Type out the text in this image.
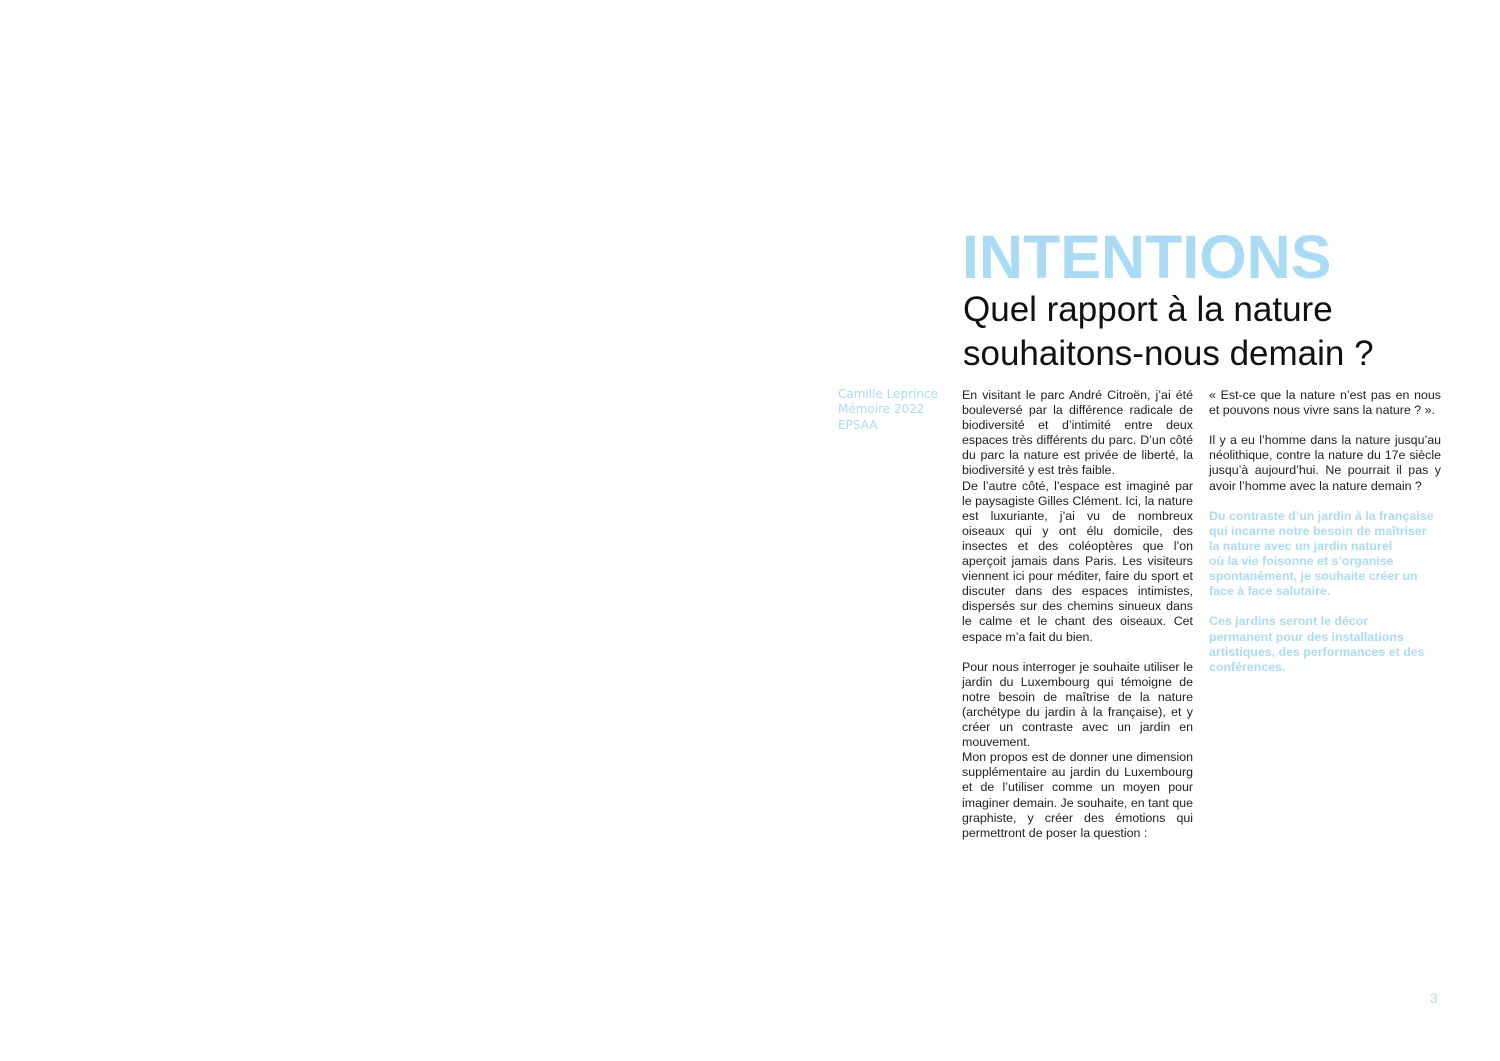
INTENTIONS
Quel rapport à la nature
souhaitons-nous demain ?
Camille Leprince
Mémoire 2022
EPSAA

En visitant le parc André Citroën, j’ai été bouleversé par la différence radicale de biodiversité et d’intimité entre deux espaces très différents du parc. D’un côté du parc la nature est privée de liberté, la biodiversité y est très faible.

De l’autre côté, l’espace est imaginé par le paysagiste Gilles Clément. Ici, la nature est luxuriante, j’ai vu de nombreux oiseaux qui y ont élu domicile, des insectes et des coléoptères que l’on aperçoit jamais dans Paris. Les visiteurs viennent ici pour méditer, faire du sport et discuter dans des espaces intimistes, dispersés sur des chemins sinueux dans le calme et le chant des oiseaux. Cet espace m’a fait du bien.

Pour nous interroger je souhaite utiliser le jardin du Luxembourg qui témoigne de notre besoin de maîtrise de la nature (archétype du jardin à la française), et y créer un contraste avec un jardin en mouvement.

Mon propos est de donner une dimension supplémentaire au jardin du Luxembourg et de l’utiliser comme un moyen pour imaginer demain. Je souhaite, en tant que graphiste, y créer des émotions qui permettront de poser la question :

« Est-ce que la nature n’est pas en nous et pouvons nous vivre sans la nature ? ».

Il y a eu l’homme dans la nature jusqu’au néolithique, contre la nature du 17e siècle jusqu’à aujourd’hui. Ne pourrait il pas y avoir l’homme avec la nature demain ?

Du contraste d’un jardin à la française
qui incarne notre besoin de maîtriser
la nature avec un jardin naturel
où la vie foisonne et s’organise
spontanément, je souhaite créer un
face à face salutaire.

Ces jardins seront le décor
permanent pour des installations
artistiques, des performances et des
conférences.

3
